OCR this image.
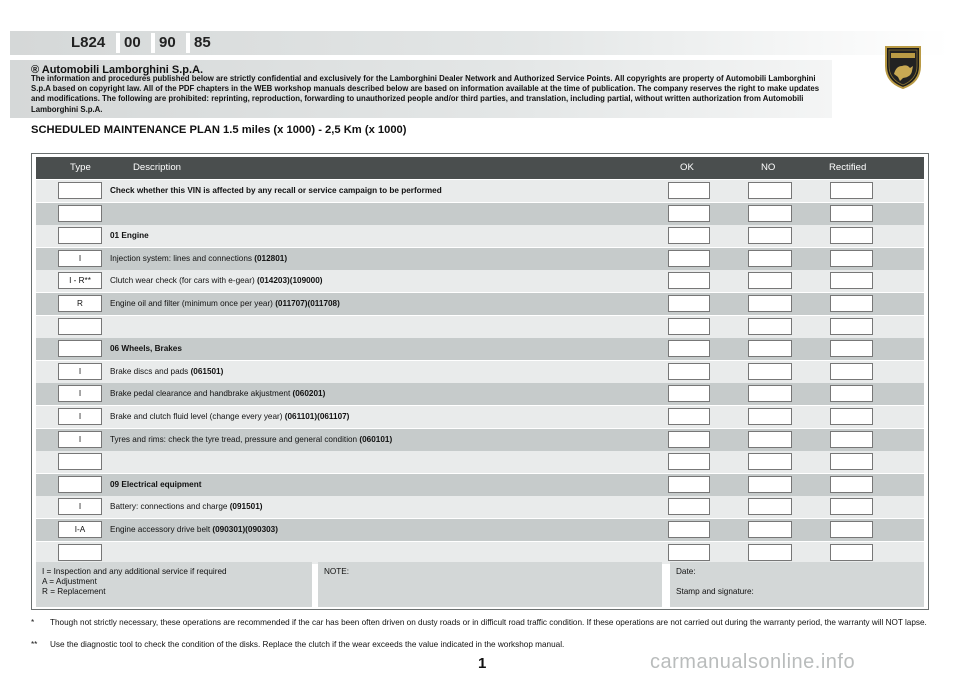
L824 00 90 85
® Automobili Lamborghini S.p.A.
The information and procedures published below are strictly confidential and exclusively for the Lamborghini Dealer Network and Authorized Service Points. All copyrights are property of Automobili Lamborghini S.p.A based on copyright law. All of the PDF chapters in the WEB workshop manuals described below are based on information available at the time of publication. The company reserves the right to make updates and modifications. The following are prohibited: reprinting, reproduction, forwarding to unauthorized people and/or third parties, and translation, including partial, without written authorization from Automobili Lamborghini S.p.A.
SCHEDULED MAINTENANCE PLAN 1.5 miles (x 1000) - 2,5 Km (x 1000)
Type	Description	OK	NO	Rectified
Check whether this VIN is affected by any recall or service campaign to be performed
01 Engine
I	Injection system: lines and connections (012801)
I - R**	Clutch wear check (for cars with e-gear) (014203)(109000)
R	Engine oil and filter (minimum once per year) (011707)(011708)
06 Wheels, Brakes
I	Brake discs and pads (061501)
I	Brake pedal clearance and handbrake akjustment (060201)
I	Brake and clutch fluid level (change every year) (061101)(061107)
I	Tyres and rims: check the tyre tread, pressure and general condition (060101)
09 Electrical equipment
I	Battery: connections and charge (091501)
I-A	Engine accessory drive belt (090301)(090303)
I = Inspection and any additional service if required
A = Adjustment
R = Replacement
NOTE:	Date:
Stamp and signature:
* Though not strictly necessary, these operations are recommended if the car has been often driven on dusty roads or in difficult road traffic condition. If these operations are not carried out during the warranty period, the warranty will NOT lapse.
** Use the diagnostic tool to check the condition of the disks. Replace the clutch if the wear exceeds the value indicated in the workshop manual.
1	carmanualsonline.info
